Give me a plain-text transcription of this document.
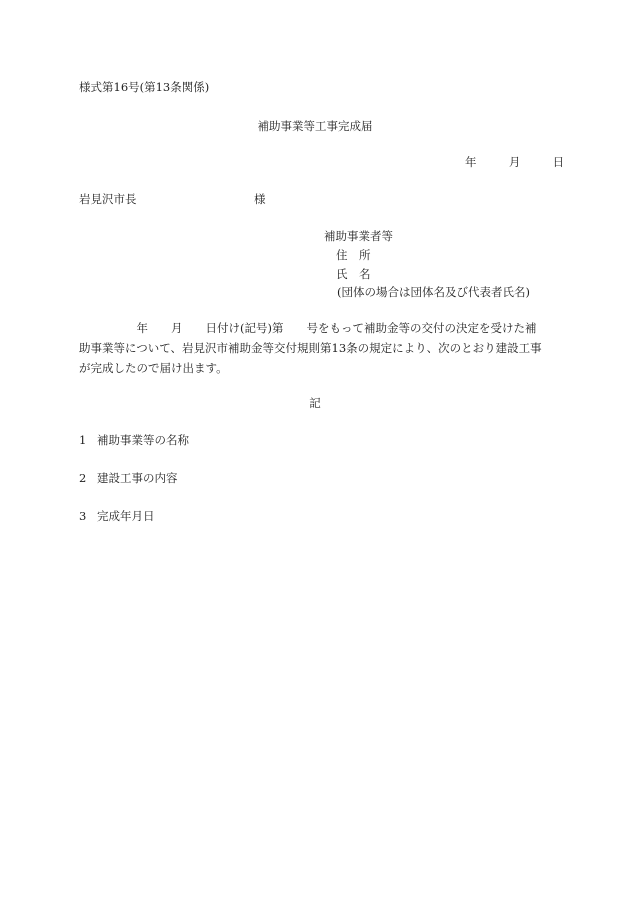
様式第16号(第13条関係)
補助事業等工事完成届
年	月	日
岩見沢市長	様
補助事業者等
住　所
氏　名
(団体の場合は団体名及び代表者氏名)
　　　　　年　　月　　日付け(記号)第　　号をもって補助金等の交付の決定を受けた補
助事業等について、岩見沢市補助金等交付規則第13条の規定により、次のとおり建設工事
が完成したので届け出ます。
記
1 補助事業等の名称
2 建設工事の内容
3 完成年月日
